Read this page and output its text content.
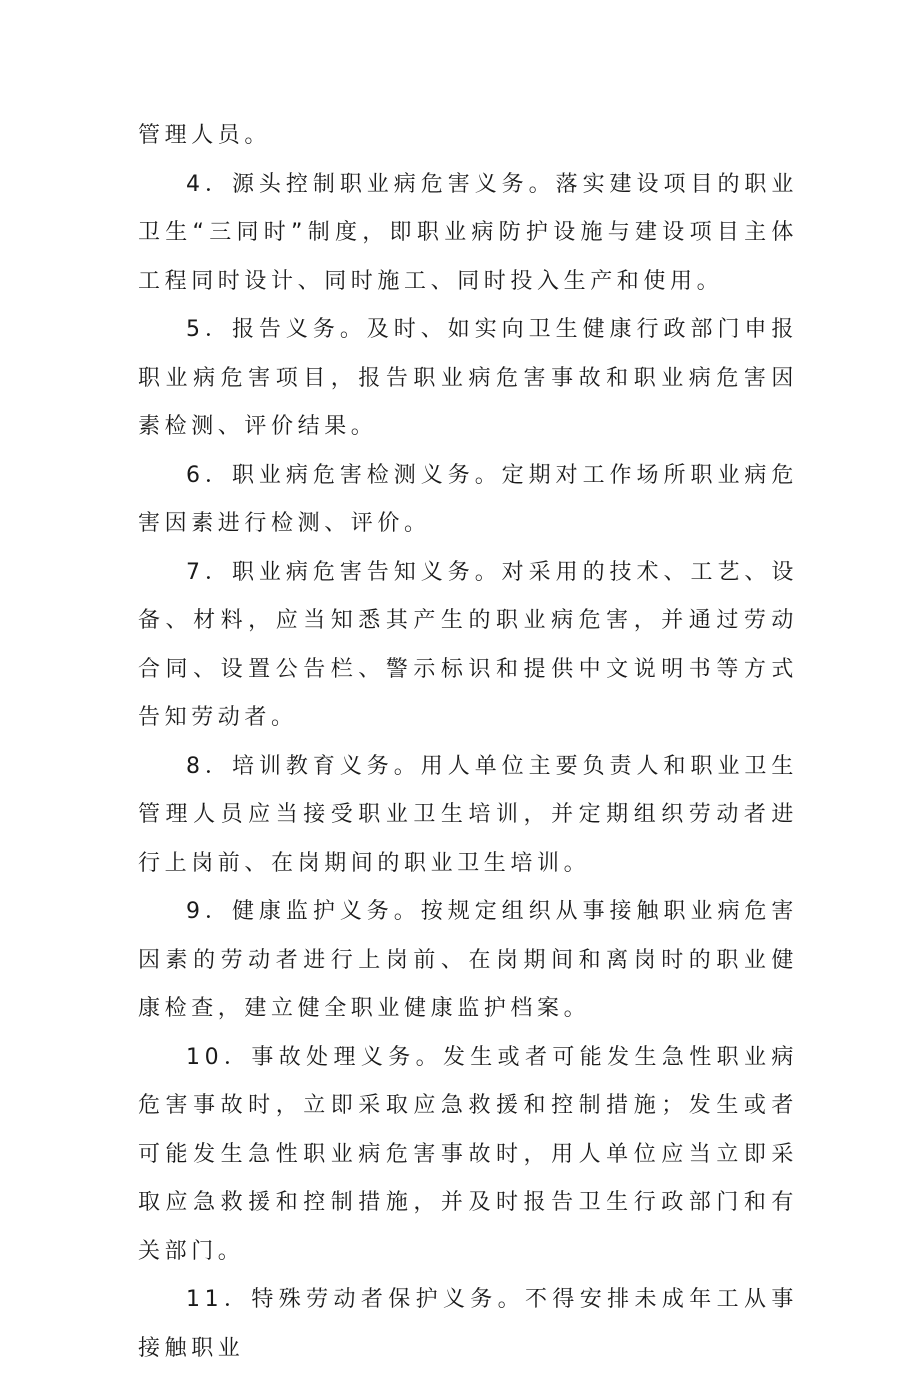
管理人员。

4．源头控制职业病危害义务。落实建设项目的职业卫生“三同时”制度，即职业病防护设施与建设项目主体工程同时设计、同时施工、同时投入生产和使用。

5．报告义务。及时、如实向卫生健康行政部门申报职业病危害项目，报告职业病危害事故和职业病危害因素检测、评价结果。

6．职业病危害检测义务。定期对工作场所职业病危害因素进行检测、评价。

7．职业病危害告知义务。对采用的技术、工艺、设备、材料，应当知悉其产生的职业病危害，并通过劳动合同、设置公告栏、警示标识和提供中文说明书等方式告知劳动者。

8．培训教育义务。用人单位主要负责人和职业卫生管理人员应当接受职业卫生培训，并定期组织劳动者进行上岗前、在岗期间的职业卫生培训。

9．健康监护义务。按规定组织从事接触职业病危害因素的劳动者进行上岗前、在岗期间和离岗时的职业健康检查，建立健全职业健康监护档案。

10．事故处理义务。发生或者可能发生急性职业病危害事故时，立即采取应急救援和控制措施；发生或者可能发生急性职业病危害事故时，用人单位应当立即采取应急救援和控制措施，并及时报告卫生行政部门和有关部门。

11．特殊劳动者保护义务。不得安排未成年工从事接触职业
